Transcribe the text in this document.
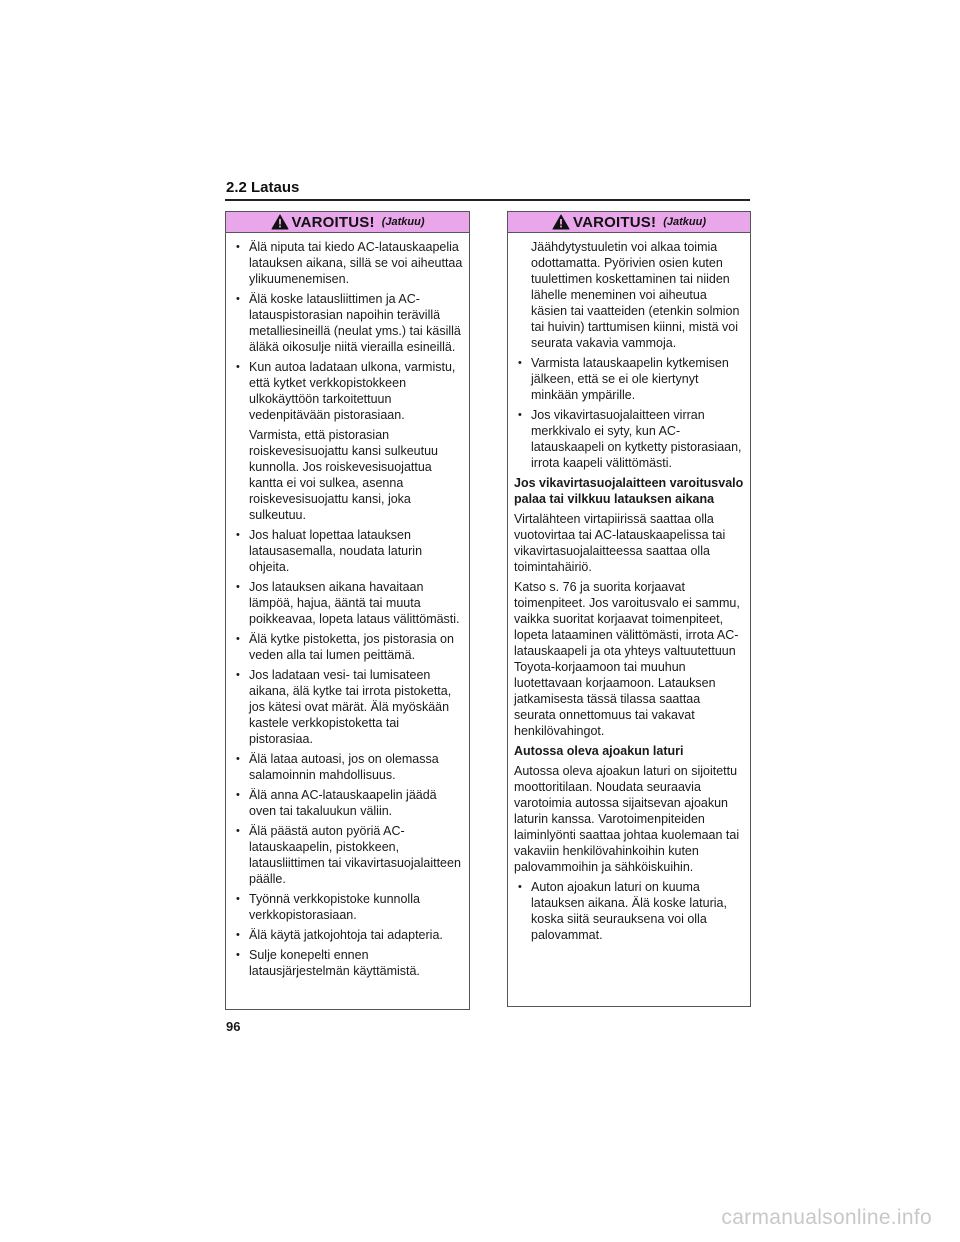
2.2 Lataus
VAROITUS! (Jatkuu)
• Älä niputa tai kiedo AC-latauskaapelia latauksen aikana, sillä se voi aiheuttaa ylikuumenemisen.
• Älä koske latausliittimen ja AC-latauspistorasian napoihin terävillä metalliesineillä (neulat yms.) tai käsillä äläkä oikosulje niitä vierailla esineillä.
• Kun autoa ladataan ulkona, varmistu, että kytket verkkopistokkeen ulkokäyttöön tarkoitettuun vedenpitävään pistorasiaan.
Varmista, että pistorasian roiskevesisuojattu kansi sulkeutuu kunnolla. Jos roiskevesisuojattua kantta ei voi sulkea, asenna roiskevesisuojattu kansi, joka sulkeutuu.
• Jos haluat lopettaa latauksen latausasemalla, noudata laturin ohjeita.
• Jos latauksen aikana havaitaan lämpöä, hajua, ääntä tai muuta poikkeavaa, lopeta lataus välittömästi.
• Älä kytke pistoketta, jos pistorasia on veden alla tai lumen peittämä.
• Jos ladataan vesi- tai lumisateen aikana, älä kytke tai irrota pistoketta, jos kätesi ovat märät. Älä myöskään kastele verkkopistoketta tai pistorasiaa.
• Älä lataa autoasi, jos on olemassa salamoinnin mahdollisuus.
• Älä anna AC-latauskaapelin jäädä oven tai takaluukun väliin.
• Älä päästä auton pyöriä AC-latauskaapelin, pistokkeen, latausliittimen tai vikavirtasuojalaitteen päälle.
• Työnnä verkkopistoke kunnolla verkkopistorasiaan.
• Älä käytä jatkojohtoja tai adapteria.
• Sulje konepelti ennen latausjärjestelmän käyttämistä.
VAROITUS! (Jatkuu)
Jäähdytystuuletin voi alkaa toimia odottamatta. Pyörivien osien kuten tuulettimen koskettaminen tai niiden lähelle meneminen voi aiheutua käsien tai vaatteiden (etenkin solmion tai huivin) tarttumisen kiinni, mistä voi seurata vakavia vammoja.
• Varmista latauskaapelin kytkemisen jälkeen, että se ei ole kiertynyt minkään ympärille.
• Jos vikavirtasuojalaitteen virran merkkivalo ei syty, kun AC-latauskaapeli on kytketty pistorasiaan, irrota kaapeli välittömästi.
Jos vikavirtasuojalaitteen varoitusvalo palaa tai vilkkuu latauksen aikana
Virtalähteen virtapiirissä saattaa olla vuotovirtaa tai AC-latauskaapelissa tai vikavirtasuojalaitteessa saattaa olla toimintahäiriö.
Katso s. 76 ja suorita korjaavat toimenpiteet. Jos varoitusvalo ei sammu, vaikka suoritat korjaavat toimenpiteet, lopeta lataaminen välittömästi, irrota AC-latauskaapeli ja ota yhteys valtuutettuun Toyota-korjaamoon tai muuhun luotettavaan korjaamoon. Latauksen jatkamisesta tässä tilassa saattaa seurata onnettomuus tai vakavat henkilövahingot.
Autossa oleva ajoakun laturi
Autossa oleva ajoakun laturi on sijoitettu moottoritilaan. Noudata seuraavia varotoimia autossa sijaitsevan ajoakun laturin kanssa. Varotoimenpiteiden laiminlyönti saattaa johtaa kuolemaan tai vakaviin henkilövahinkoihin kuten palovammoihin ja sähköiskuihin.
• Auton ajoakun laturi on kuuma latauksen aikana. Älä koske laturia, koska siitä seurauksena voi olla palovammat.
96
carmanualsonline.info
